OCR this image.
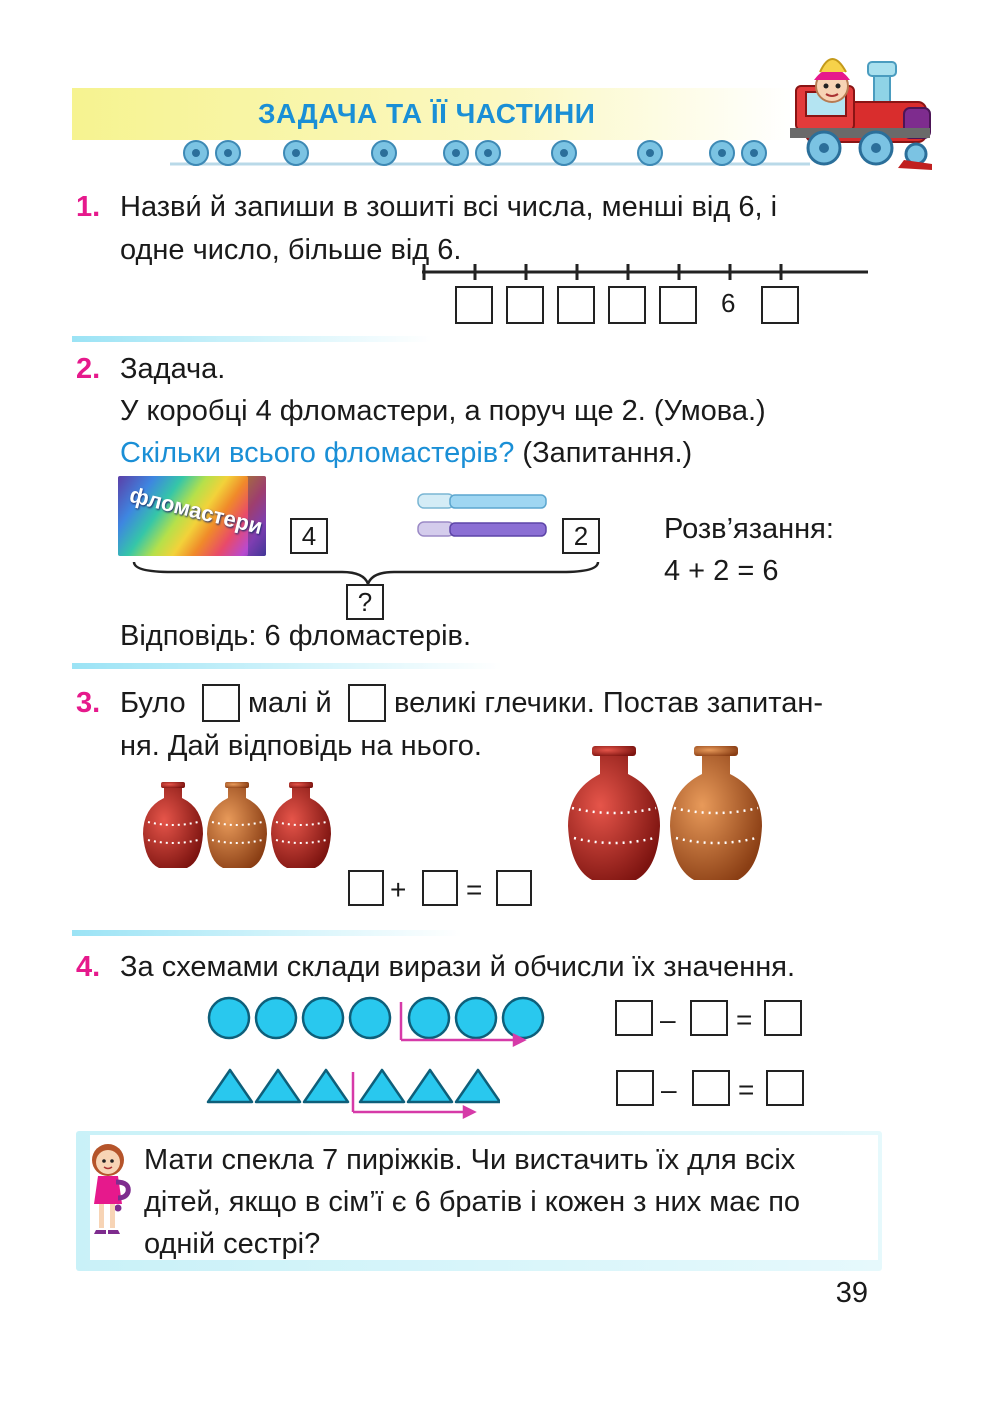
ЗАДАЧА ТА ЇЇ ЧАСТИНИ
1. Назви́ й запиши в зошиті всі числа, менші від 6, і
одне число, більше від 6.
6
2. Задача.
У коробці 4 фломастери, а поруч ще 2. (Умова.)
Скільки всього фломастерів? (Запитання.)
фломастери	4	2
?
Розв’язання:
4 + 2 = 6
Відповідь: 6 фломастерів.
3. Було малі й великі глечики. Постав запитан-
ня. Дай відповідь на нього.
+ =
4. За схемами склади вирази й обчисли їх значення.
– =
– =
Мати спекла 7 пиріжків. Чи вистачить їх для всіх
дітей, якщо в сім’ї є 6 братів і кожен з них має по
одній сестрі?
39
